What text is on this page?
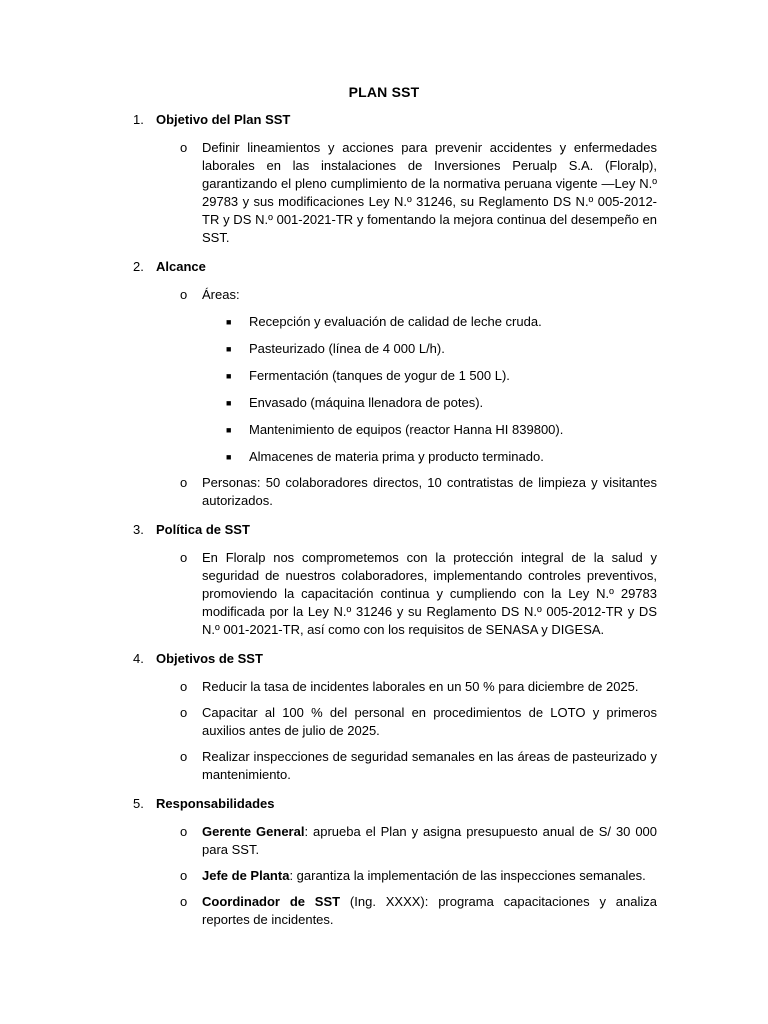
PLAN SST
1. Objetivo del Plan SST
o Definir lineamientos y acciones para prevenir accidentes y enfermedades laborales en las instalaciones de Inversiones Perualp S.A. (Floralp), garantizando el pleno cumplimiento de la normativa peruana vigente —Ley N.º 29783 y sus modificaciones Ley N.º 31246, su Reglamento DS N.º 005-2012-TR y DS N.º 001-2021-TR y fomentando la mejora continua del desempeño en SST.
2. Alcance
o Áreas:
■ Recepción y evaluación de calidad de leche cruda.
■ Pasteurizado (línea de 4 000 L/h).
■ Fermentación (tanques de yogur de 1 500 L).
■ Envasado (máquina llenadora de potes).
■ Mantenimiento de equipos (reactor Hanna HI 839800).
■ Almacenes de materia prima y producto terminado.
o Personas: 50 colaboradores directos, 10 contratistas de limpieza y visitantes autorizados.
3. Política de SST
o En Floralp nos comprometemos con la protección integral de la salud y seguridad de nuestros colaboradores, implementando controles preventivos, promoviendo la capacitación continua y cumpliendo con la Ley N.º 29783 modificada por la Ley N.º 31246 y su Reglamento DS N.º 005-2012-TR y DS N.º 001-2021-TR, así como con los requisitos de SENASA y DIGESA.
4. Objetivos de SST
o Reducir la tasa de incidentes laborales en un 50 % para diciembre de 2025.
o Capacitar al 100 % del personal en procedimientos de LOTO y primeros auxilios antes de julio de 2025.
o Realizar inspecciones de seguridad semanales en las áreas de pasteurizado y mantenimiento.
5. Responsabilidades
o Gerente General: aprueba el Plan y asigna presupuesto anual de S/ 30 000 para SST.
o Jefe de Planta: garantiza la implementación de las inspecciones semanales.
o Coordinador de SST (Ing. XXXX): programa capacitaciones y analiza reportes de incidentes.
